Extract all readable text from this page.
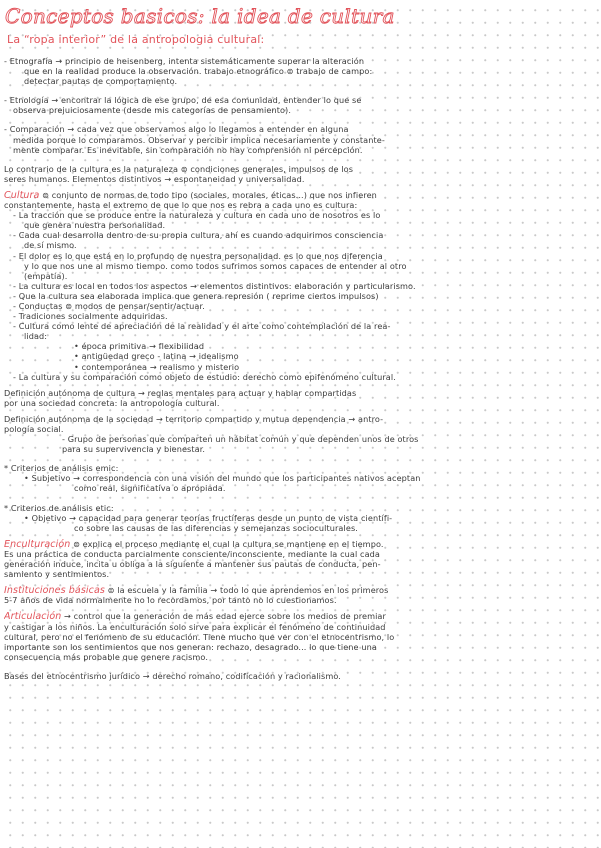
Conceptos basicos: la idea de cultura
La “ropa interior” de la antropologia cultural:
- Etnografía → principio de heisenberg, intenta sistemáticamente superar la alteración
que en la realidad produce la observación. trabajo etnográfico ⊜ trabajo de campo:
detectar pautas de comportamiento.
- Etnología → encontrar la lógica de ese grupo, de esa comunidad, entender lo que se
observa prejuiciosamente (desde mis categorías de pensamiento).
- Comparación → cada vez que observamos algo lo llegamos a entender en alguna
medida porque lo comparamos. Observar y percibir implica necesariamente y constante-
mente comparar. Es inevitable, sin comparación no hay comprensión ni percepción.
Lo contrario de la cultura es la naturaleza ⊜ condiciones generales, impulsos de los
seres humanos. Elementos distintivos → espontaneidad y universalidad.
Cultura ⊜ conjunto de normas de todo tipo (sociales, morales, éticas...) que nos infieren
constantemente, hasta el extremo de que lo que nos es rebra a cada uno es cultura:
- La tracción que se produce entre la naturaleza y cultura en cada uno de nosotros es lo
que genera nuestra personalidad.
- Cada cual desarrolla dentro de su propia cultura, ahí es cuando adquirimos consciencia
de sí mismo.
- El dolor es lo que está en lo profundo de nuestra personalidad. es lo que nos diferencia
y lo que nos une al mismo tiempo. como todos sufrimos somos capaces de entender al otro
(empatía).
- La cultura es local en todos los aspectos → elementos distintivos: elaboración y particularismo.
- Que la cultura sea elaborada implica que genera represión ( reprime ciertos impulsos)
- Conductas ⊜ modos de pensar/sentir/actuar.
- Tradiciones socialmente adquiridas.
- Cultura como lente de apreciación de la realidad y el arte como contemplación de la rea-
lidad:
• época primitiva → flexibilidad
• antigüedad greco - latina → idealismo
• contemporánea → realismo y misterio
- La cultura y su comparación como objeto de estudio: derecho como epifenómeno cultural.
Definición autónoma de cultura → reglas mentales para actuar y hablar compartidas
por una sociedad concreta: la antropología cultural.
Definición autónoma de la sociedad → territorio compartido y mutua dependencia → antro-
pología social.
- Grupo de personas que comparten un hábitat común y que dependen unos de otros
para su supervivencia y bienestar.
* Criterios de análisis emic:
• Subjetivo → correspondencia con una visión del mundo que los participantes nativos aceptan
como real, significativa o apropiada.
* Criterios de análisis etic:
• Objetivo → capacidad para generar teorías fructíferas desde un punto de vista científi-
co sobre las causas de las diferencias y semejanzas socioculturales.
Enculturación ⊜ explica el proceso mediante el cual la cultura se mantiene en el tiempo.
Es una práctica de conducta parcialmente consciente/inconsciente, mediante la cual cada
generación induce, incita u obliga a la siguiente a mantener sus pautas de conducta, pen-
samiento y sentimientos.
Instituciones básicas ⊜ la escuela y la familia → todo lo que aprendemos en los primeros
5-7 años de vida normalmente no lo recordamos, por tanto no lo cuestionamos.
Articulación → control que la generación de más edad ejerce sobre los medios de premiar
y castigar a los niños. La enculturación solo sirve para explicar el fenómeno de continuidad
cultural, pero no el fenómeno de su educación. Tiene mucho que ver con el etnocentrismo, lo
importante son los sentimientos que nos generan: rechazo, desagrado... lo que tiene una
consecuencia más probable que genere racismo.
Bases del etnocentrismo jurídico → derecho romano, codificación y racionalismo.
